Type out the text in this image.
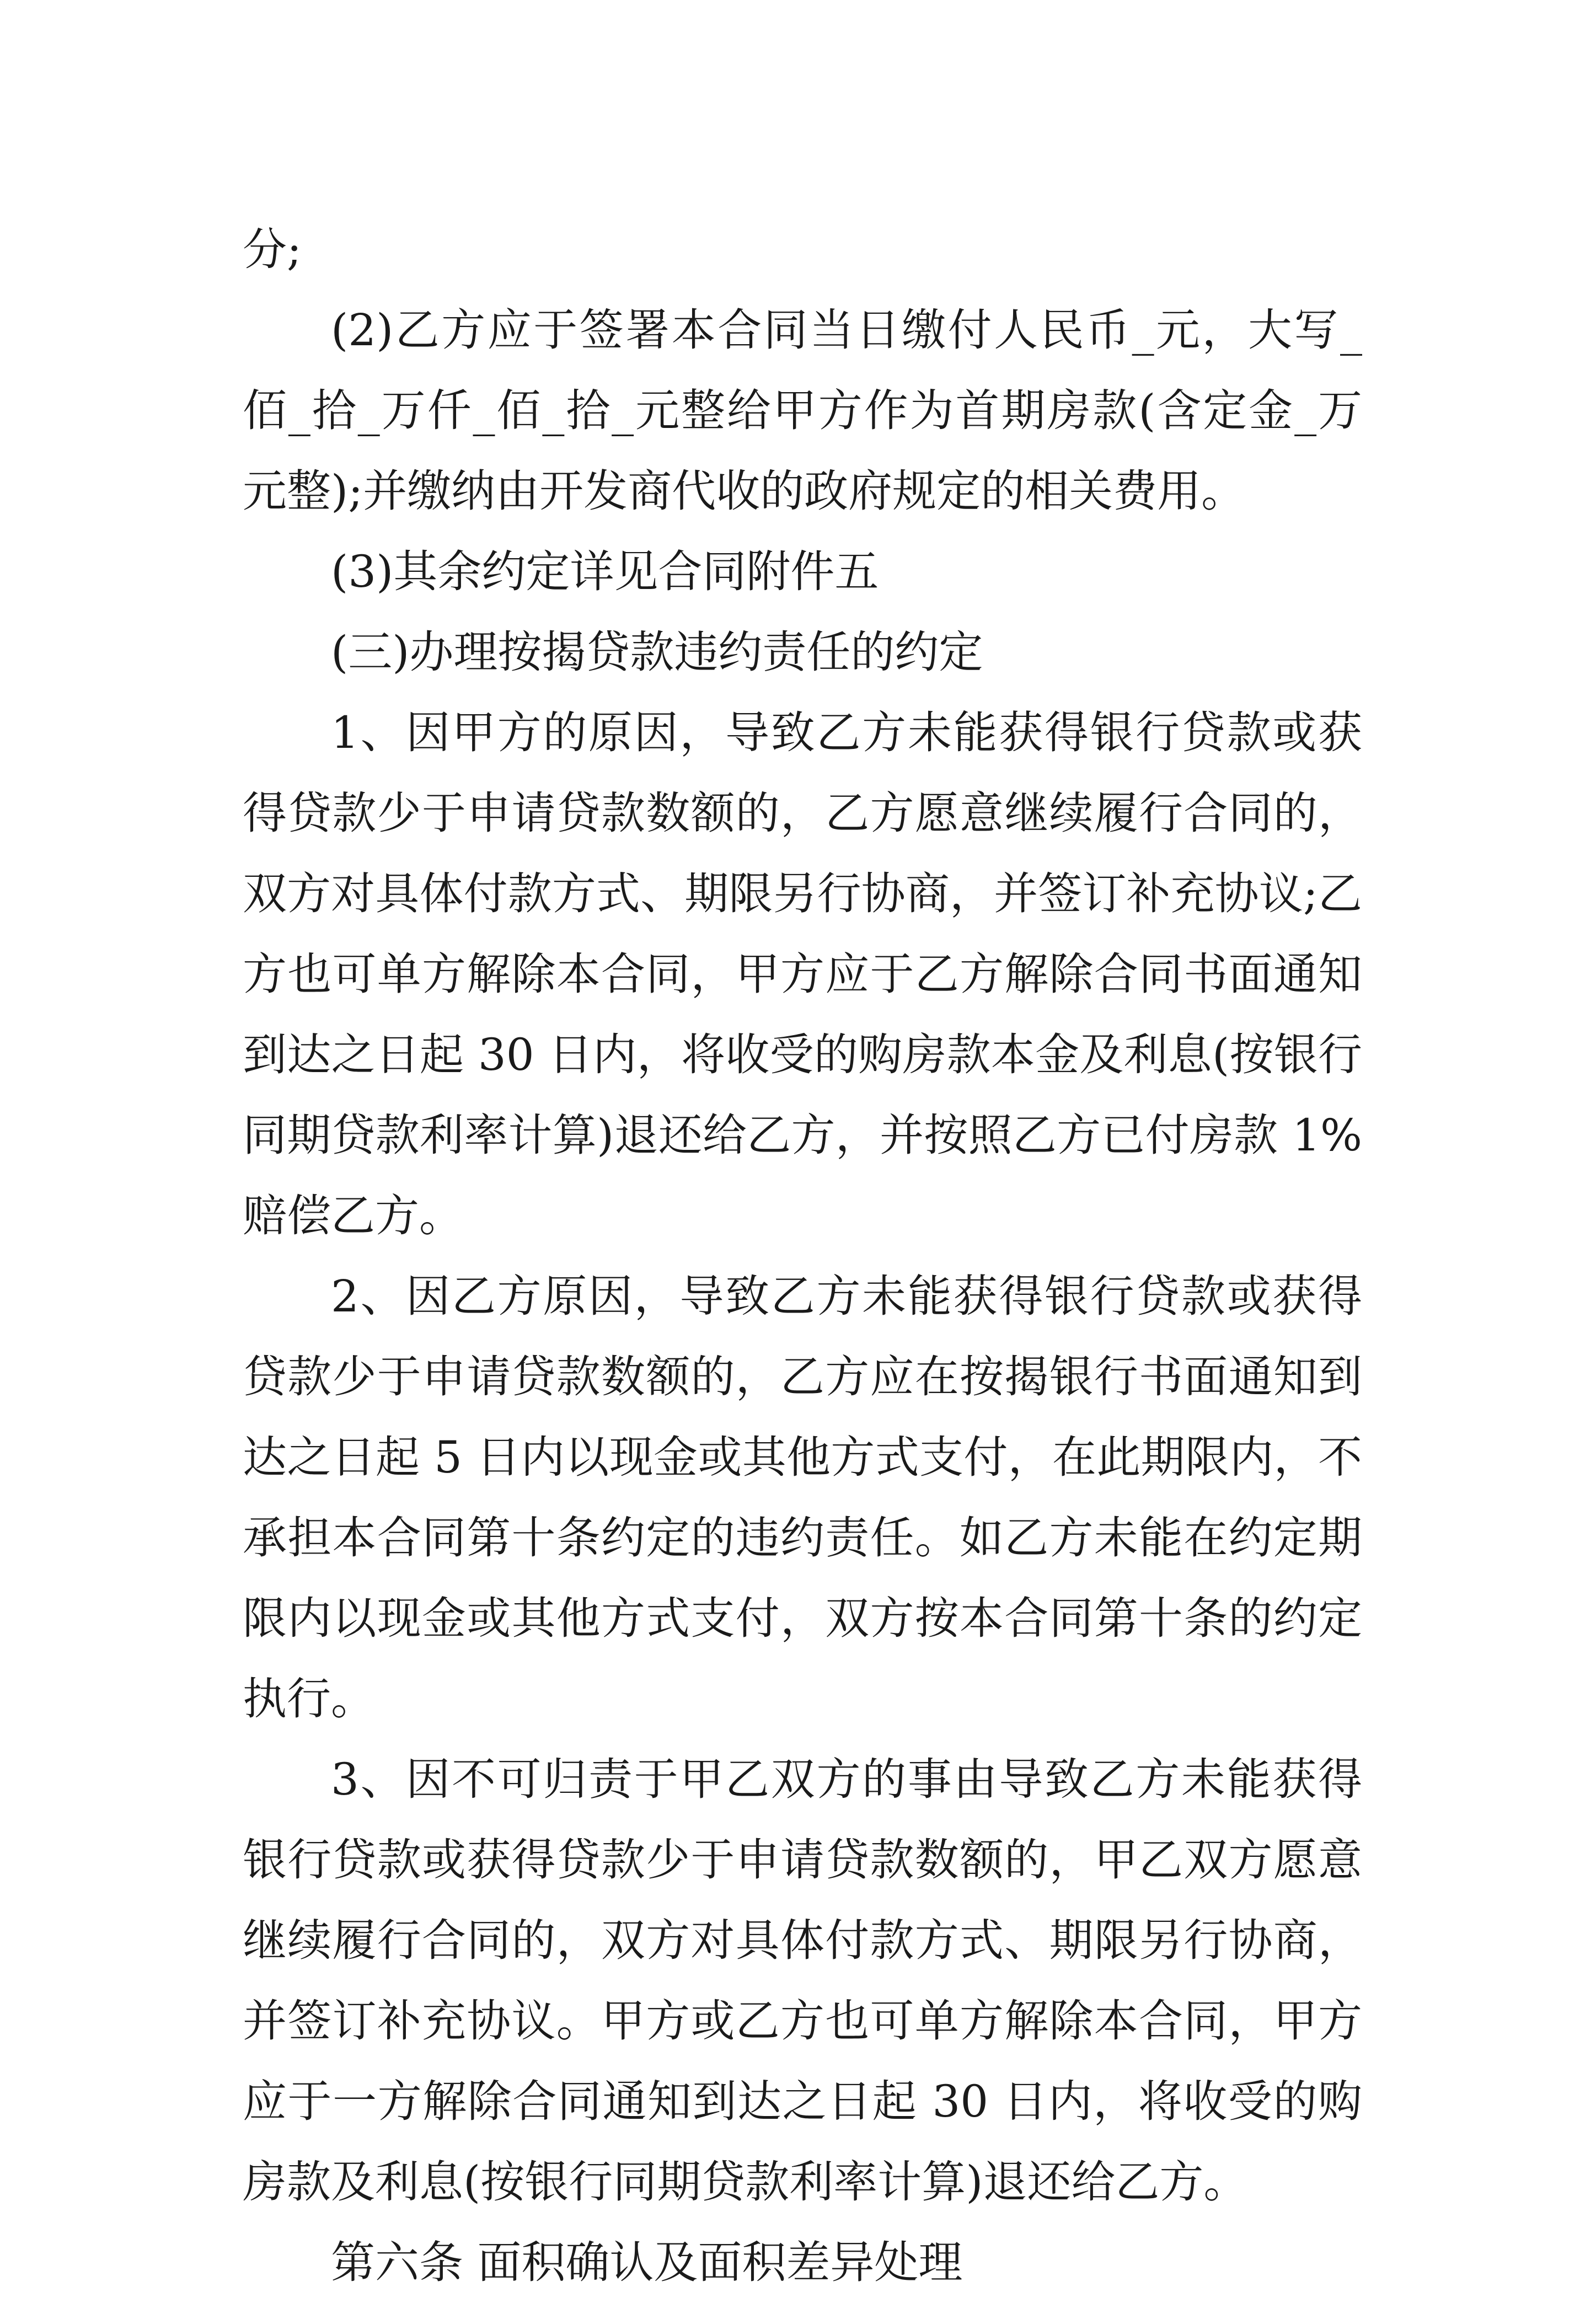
分;

(2)乙方应于签署本合同当日缴付人民币_元，大写_佰_拾_万仟_佰_拾_元整给甲方作为首期房款(含定金_万元整);并缴纳由开发商代收的政府规定的相关费用。

(3)其余约定详见合同附件五

(三)办理按揭贷款违约责任的约定

1、因甲方的原因，导致乙方未能获得银行贷款或获得贷款少于申请贷款数额的，乙方愿意继续履行合同的，双方对具体付款方式、期限另行协商，并签订补充协议;乙方也可单方解除本合同，甲方应于乙方解除合同书面通知到达之日起 30 日内，将收受的购房款本金及利息(按银行同期贷款利率计算)退还给乙方，并按照乙方已付房款 1%赔偿乙方。

2、因乙方原因，导致乙方未能获得银行贷款或获得贷款少于申请贷款数额的，乙方应在按揭银行书面通知到达之日起 5 日内以现金或其他方式支付，在此期限内，不承担本合同第十条约定的违约责任。如乙方未能在约定期限内以现金或其他方式支付，双方按本合同第十条的约定执行。

3、因不可归责于甲乙双方的事由导致乙方未能获得银行贷款或获得贷款少于申请贷款数额的，甲乙双方愿意继续履行合同的，双方对具体付款方式、期限另行协商，并签订补充协议。甲方或乙方也可单方解除本合同，甲方应于一方解除合同通知到达之日起 30 日内，将收受的购房款及利息(按银行同期贷款利率计算)退还给乙方。

第六条 面积确认及面积差异处理
